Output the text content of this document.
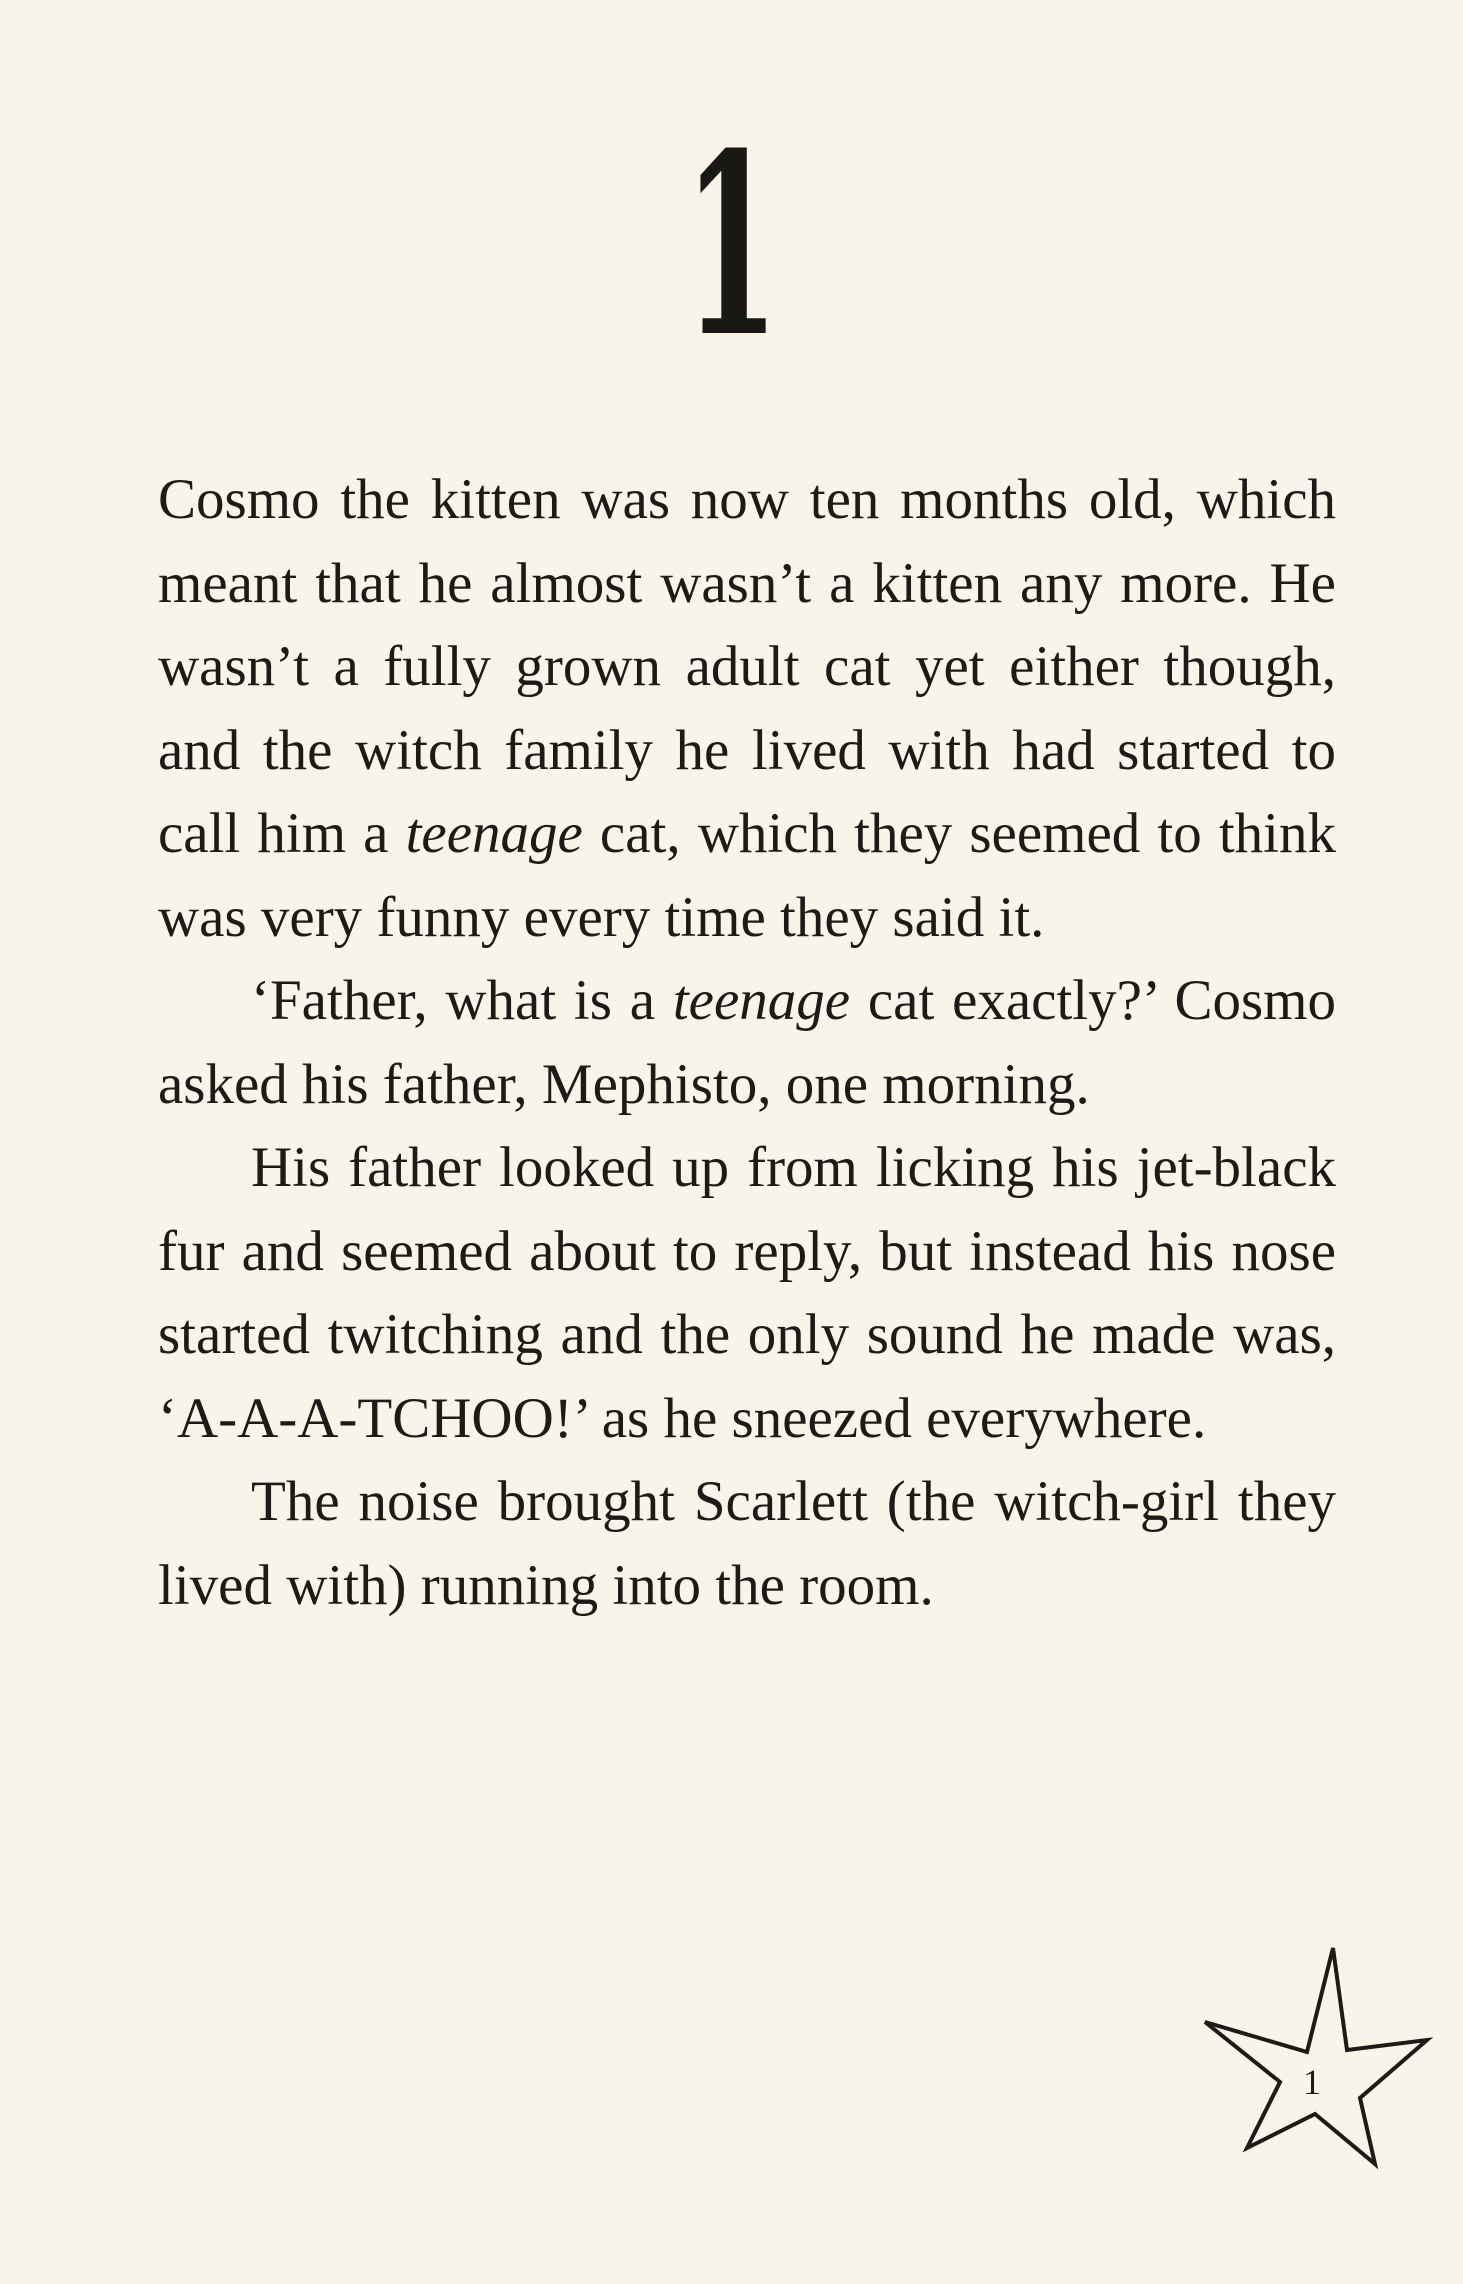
1

Cosmo the kitten was now ten months old, which meant that he almost wasn’t a kitten any more. He wasn’t a fully grown adult cat yet either though, and the witch family he lived with had started to call him a teenage cat, which they seemed to think was very funny every time they said it.

‘Father, what is a teenage cat exactly?’ Cosmo asked his father, Mephisto, one morning.

His father looked up from licking his jet-black fur and seemed about to reply, but instead his nose started twitching and the only sound he made was, ‘A-A-A-TCHOO!’ as he sneezed everywhere.

The noise brought Scarlett (the witch-girl they lived with) running into the room.

1
